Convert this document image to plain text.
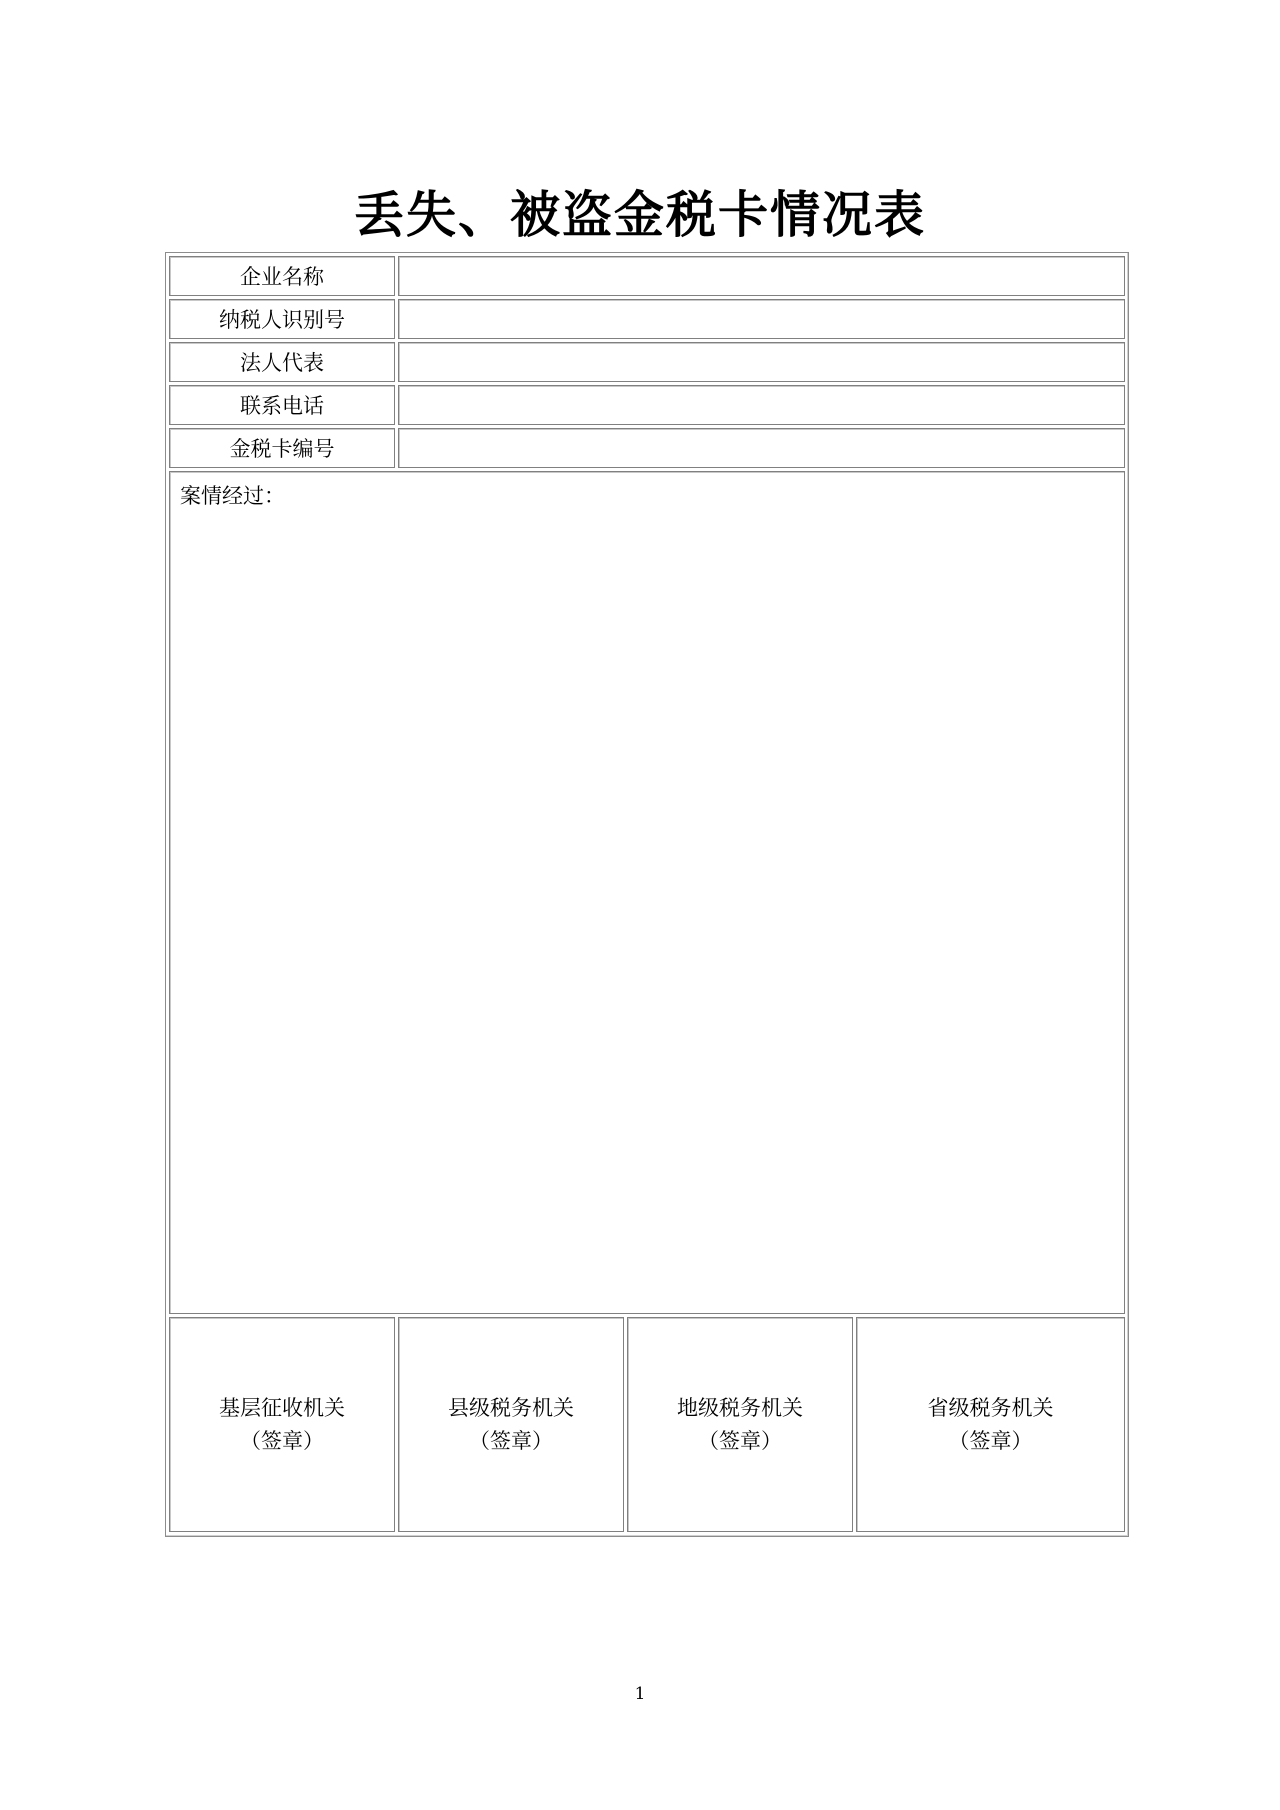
丢失、被盗金税卡情况表
企业名称
纳税人识别号
法人代表
联系电话
金税卡编号
案情经过：
基层征收机关
（签章）
县级税务机关
（签章）
地级税务机关
（签章）
省级税务机关
（签章）
1
